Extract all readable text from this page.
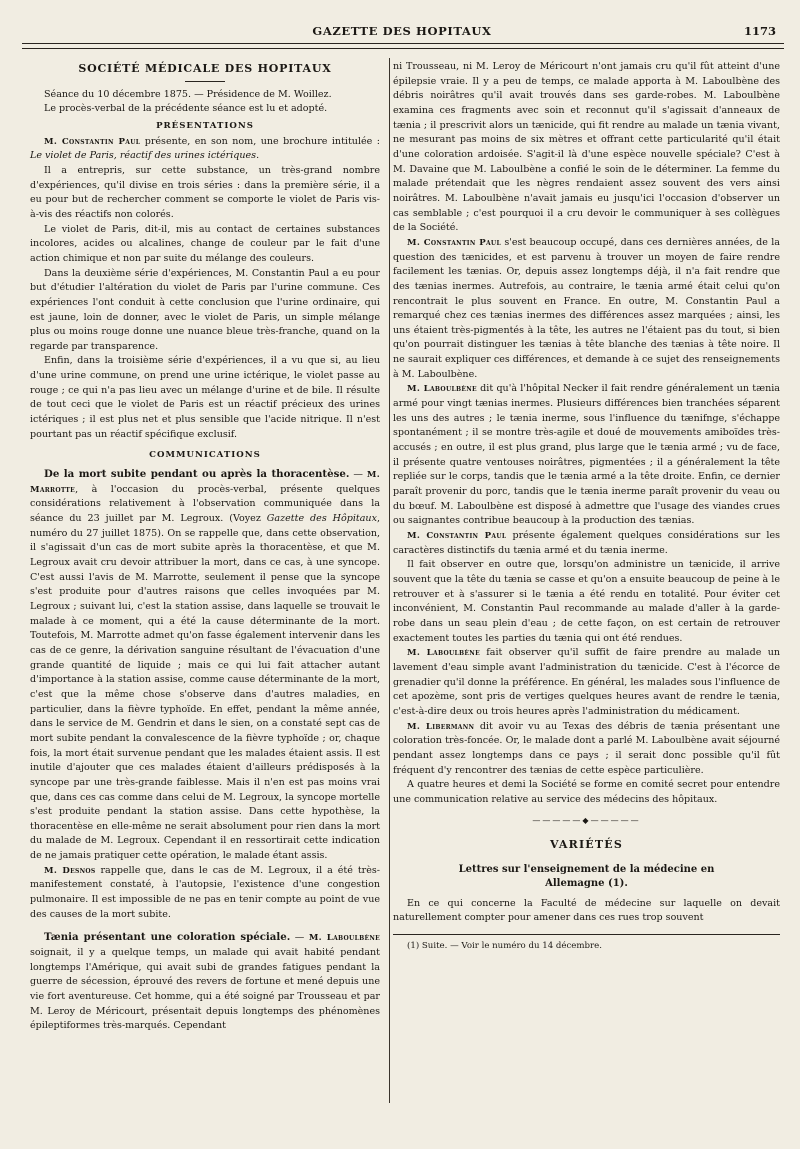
GAZETTE DES HOPITAUX	1173
SOCIÉTÉ MÉDICALE DES HOPITAUX

Séance du 10 décembre 1875. — Présidence de M. Woillez.

Le procès-verbal de la précédente séance est lu et adopté.

PRÉSENTATIONS

M. Constantin Paul présente, en son nom, une brochure intitulée : Le violet de Paris, réactif des urines ictériques.

Il a entrepris, sur cette substance, un très-grand nombre d'expériences, qu'il divise en trois séries : dans la première série, il a eu pour but de rechercher comment se comporte le violet de Paris vis-à-vis des réactifs non colorés.

Le violet de Paris, dit-il, mis au contact de certaines substances incolores, acides ou alcalines, change de couleur par le fait d'une action chimique et non par suite du mélange des couleurs.

Dans la deuxième série d'expériences, M. Constantin Paul a eu pour but d'étudier l'altération du violet de Paris par l'urine commune. Ces expériences l'ont conduit à cette conclusion que l'urine ordinaire, qui est jaune, loin de donner, avec le violet de Paris, un simple mélange plus ou moins rouge donne une nuance bleue très-franche, quand on la regarde par transparence.

Enfin, dans la troisième série d'expériences, il a vu que si, au lieu d'une urine commune, on prend une urine ictérique, le violet passe au rouge ; ce qui n'a pas lieu avec un mélange d'urine et de bile. Il résulte de tout ceci que le violet de Paris est un réactif précieux des urines ictériques ; il est plus net et plus sensible que l'acide nitrique. Il n'est pourtant pas un réactif spécifique exclusif.

COMMUNICATIONS

De la mort subite pendant ou après la thoracentèse. — M. Marrotte, à l'occasion du procès-verbal, présente quelques considérations relativement à l'observation communiquée dans la séance du 23 juillet par M. Legroux. (Voyez Gazette des Hôpitaux, numéro du 27 juillet 1875). On se rappelle que, dans cette observation, il s'agissait d'un cas de mort subite après la thoracentèse, et que M. Legroux avait cru devoir attribuer la mort, dans ce cas, à une syncope. C'est aussi l'avis de M. Marrotte, seulement il pense que la syncope s'est produite pour d'autres raisons que celles invoquées par M. Legroux ; suivant lui, c'est la station assise, dans laquelle se trouvait le malade à ce moment, qui a été la cause déterminante de la mort. Toutefois, M. Marrotte admet qu'on fasse également intervenir dans les cas de ce genre, la dérivation sanguine résultant de l'évacuation d'une grande quantité de liquide ; mais ce qui lui fait attacher autant d'importance à la station assise, comme cause déterminante de la mort, c'est que la même chose s'observe dans d'autres maladies, en particulier, dans la fièvre typhoïde. En effet, pendant la même année, dans le service de M. Gendrin et dans le sien, on a constaté sept cas de mort subite pendant la convalescence de la fièvre typhoïde ; or, chaque fois, la mort était survenue pendant que les malades étaient assis. Il est inutile d'ajouter que ces malades étaient d'ailleurs prédisposés à la syncope par une très-grande faiblesse. Mais il n'en est pas moins vrai que, dans ces cas comme dans celui de M. Legroux, la syncope mortelle s'est produite pendant la station assise. Dans cette hypothèse, la thoracentèse en elle-même ne serait absolument pour rien dans la mort du malade de M. Legroux. Cependant il en ressortirait cette indication de ne jamais pratiquer cette opération, le malade étant assis.

M. Desnos rappelle que, dans le cas de M. Legroux, il a été très-manifestement constaté, à l'autopsie, l'existence d'une congestion pulmonaire. Il est impossible de ne pas en tenir compte au point de vue des causes de la mort subite.

Tænia présentant une coloration spéciale. — M. Laboulbène soignait, il y a quelque temps, un malade qui avait habité pendant longtemps l'Amérique, qui avait subi de grandes fatigues pendant la guerre de sécession, éprouvé des revers de fortune et mené depuis une vie fort aventureuse. Cet homme, qui a été soigné par Trousseau et par M. Leroy de Méricourt, présentait depuis longtemps des phénomènes épileptiformes très-marqués. Cependant

ni Trousseau, ni M. Leroy de Méricourt n'ont jamais cru qu'il fût atteint d'une épilepsie vraie. Il y a peu de temps, ce malade apporta à M. Laboulbène des débris noirâtres qu'il avait trouvés dans ses garde-robes. M. Laboulbène examina ces fragments avec soin et reconnut qu'il s'agissait d'anneaux de tænia ; il prescrivit alors un tænicide, qui fit rendre au malade un tænia vivant, ne mesurant pas moins de six mètres et offrant cette particularité qu'il était d'une coloration ardoisée. S'agit-il là d'une espèce nouvelle spéciale? C'est à M. Davaine que M. Laboulbène a confié le soin de le déterminer. La femme du malade prétendait que les nègres rendaient assez souvent des vers ainsi noirâtres. M. Laboulbène n'avait jamais eu jusqu'ici l'occasion d'observer un cas semblable ; c'est pourquoi il a cru devoir le communiquer à ses collègues de la Société.

M. Constantin Paul s'est beaucoup occupé, dans ces dernières années, de la question des tænicides, et est parvenu à trouver un moyen de faire rendre facilement les tænias. Or, depuis assez longtemps déjà, il n'a fait rendre que des tænias inermes. Autrefois, au contraire, le tænia armé était celui qu'on rencontrait le plus souvent en France. En outre, M. Constantin Paul a remarqué chez ces tænias inermes des différences assez marquées ; ainsi, les uns étaient très-pigmentés à la tête, les autres ne l'étaient pas du tout, si bien qu'on pourrait distinguer les tænias à tête blanche des tænias à tête noire. Il ne saurait expliquer ces différences, et demande à ce sujet des renseignements à M. Laboulbène.

M. Laboulbène dit qu'à l'hôpital Necker il fait rendre généralement un tænia armé pour vingt tænias inermes. Plusieurs différences bien tranchées séparent les uns des autres ; le tænia inerme, sous l'influence du tænifnge, s'échappe spontanément ; il se montre très-agile et doué de mouvements amiboïdes très-accusés ; en outre, il est plus grand, plus large que le tænia armé ; vu de face, il présente quatre ventouses noirâtres, pigmentées ; il a généralement la tête repliée sur le corps, tandis que le tænia armé a la tête droite. Enfin, ce dernier paraît provenir du porc, tandis que le tænia inerme paraît provenir du veau ou du bœuf. M. Laboulbène est disposé à admettre que l'usage des viandes crues ou saignantes contribue beaucoup à la production des tænias.

M. Constantin Paul présente également quelques considérations sur les caractères distinctifs du tænia armé et du tænia inerme.

Il fait observer en outre que, lorsqu'on administre un tænicide, il arrive souvent que la tête du tænia se casse et qu'on a ensuite beaucoup de peine à le retrouver et à s'assurer si le tænia a été rendu en totalité. Pour éviter cet inconvénient, M. Constantin Paul recommande au malade d'aller à la garde-robe dans un seau plein d'eau ; de cette façon, on est certain de retrouver exactement toutes les parties du tænia qui ont été rendues.

M. Laboulbène fait observer qu'il suffit de faire prendre au malade un lavement d'eau simple avant l'administration du tænicide. C'est à l'écorce de grenadier qu'il donne la préférence. En général, les malades sous l'influence de cet apozème, sont pris de vertiges quelques heures avant de rendre le tænia, c'est-à-dire deux ou trois heures après l'administration du médicament.

M. Libermann dit avoir vu au Texas des débris de tænia présentant une coloration très-foncée. Or, le malade dont a parlé M. Laboulbène avait séjourné pendant assez longtemps dans ce pays ; il serait donc possible qu'il fût fréquent d'y rencontrer des tænias de cette espèce particulière.

A quatre heures et demi la Société se forme en comité secret pour entendre une communication relative au service des médecins des hôpitaux.

—————◆—————
VARIÉTÉS
Lettres sur l'enseignement de la médecine en
Allemagne (1).

En ce qui concerne la Faculté de médecine sur laquelle on devait naturellement compter pour amener dans ces rues trop souvent

(1) Suite. — Voir le numéro du 14 décembre.
